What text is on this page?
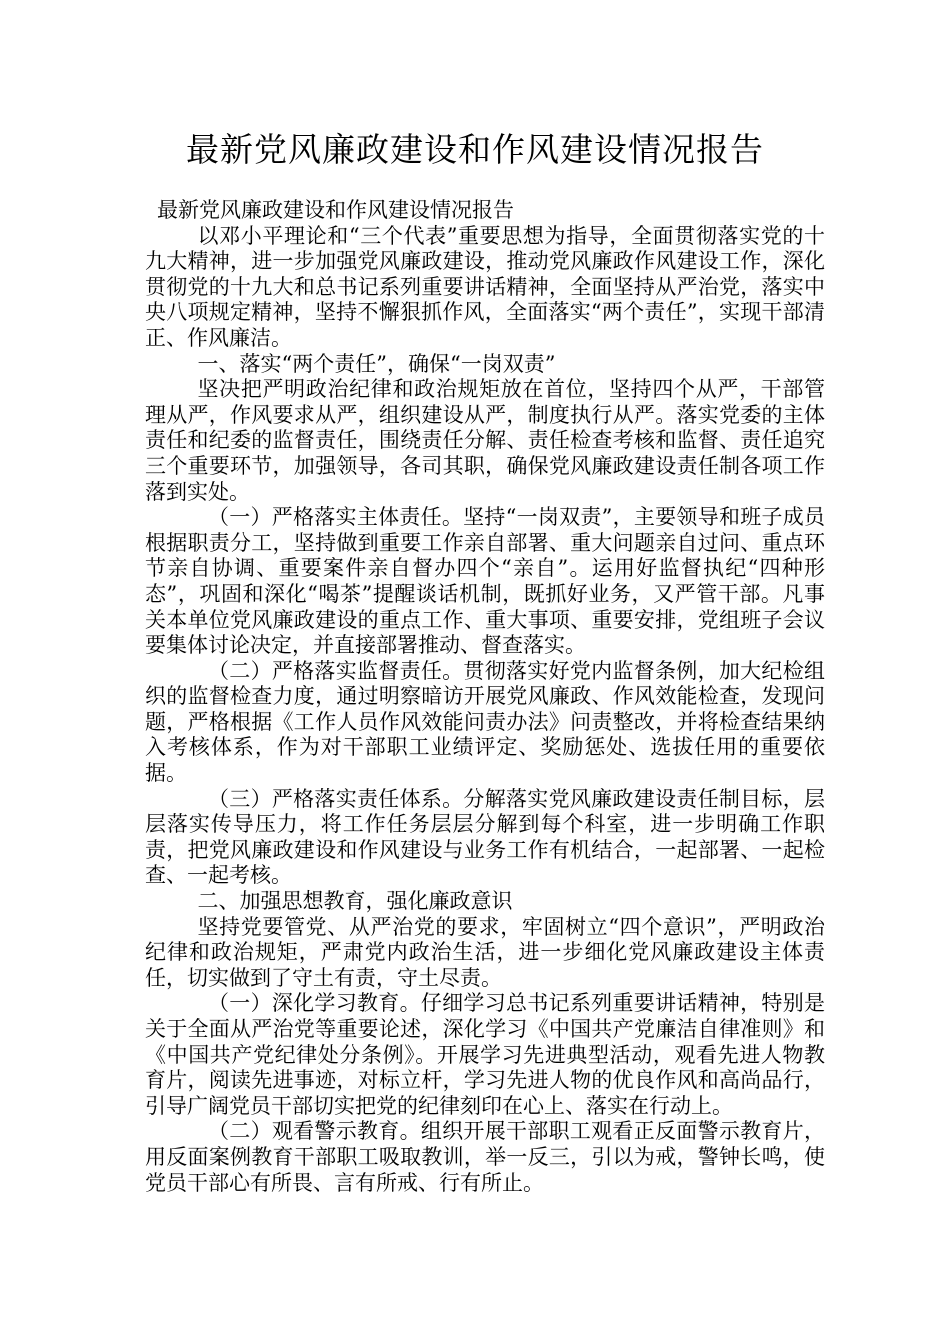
最新党风廉政建设和作风建设情况报告

最新党风廉政建设和作风建设情况报告

以邓小平理论和“三个代表”重要思想为指导，全面贯彻落实党的十九大精神，进一步加强党风廉政建设，推动党风廉政作风建设工作，深化贯彻党的十九大和总书记系列重要讲话精神，全面坚持从严治党，落实中央八项规定精神，坚持不懈狠抓作风，全面落实“两个责任”，实现干部清正、作风廉洁。

一、落实“两个责任”，确保“一岗双责”

坚决把严明政治纪律和政治规矩放在首位，坚持四个从严，干部管理从严，作风要求从严，组织建设从严，制度执行从严。落实党委的主体责任和纪委的监督责任，围绕责任分解、责任检查考核和监督、责任追究三个重要环节，加强领导，各司其职，确保党风廉政建设责任制各项工作落到实处。

（一）严格落实主体责任。坚持“一岗双责”，主要领导和班子成员根据职责分工，坚持做到重要工作亲自部署、重大问题亲自过问、重点环节亲自协调、重要案件亲自督办四个“亲自”。运用好监督执纪“四种形态”，巩固和深化“喝茶”提醒谈话机制，既抓好业务，又严管干部。凡事关本单位党风廉政建设的重点工作、重大事项、重要安排，党组班子会议要集体讨论决定，并直接部署推动、督查落实。

（二）严格落实监督责任。贯彻落实好党内监督条例，加大纪检组织的监督检查力度，通过明察暗访开展党风廉政、作风效能检查，发现问题，严格根据《工作人员作风效能问责办法》问责整改，并将检查结果纳入考核体系，作为对干部职工业绩评定、奖励惩处、选拔任用的重要依据。

（三）严格落实责任体系。分解落实党风廉政建设责任制目标，层层落实传导压力，将工作任务层层分解到每个科室，进一步明确工作职责，把党风廉政建设和作风建设与业务工作有机结合，一起部署、一起检查、一起考核。

二、加强思想教育，强化廉政意识

坚持党要管党、从严治党的要求，牢固树立“四个意识”，严明政治纪律和政治规矩，严肃党内政治生活，进一步细化党风廉政建设主体责任，切实做到了守土有责，守土尽责。

（一）深化学习教育。仔细学习总书记系列重要讲话精神，特别是关于全面从严治党等重要论述，深化学习《中国共产党廉洁自律准则》和《中国共产党纪律处分条例》。开展学习先进典型活动，观看先进人物教育片，阅读先进事迹，对标立杆，学习先进人物的优良作风和高尚品行，引导广阔党员干部切实把党的纪律刻印在心上、落实在行动上。

（二）观看警示教育。组织开展干部职工观看正反面警示教育片，用反面案例教育干部职工吸取教训，举一反三，引以为戒，警钟长鸣，使党员干部心有所畏、言有所戒、行有所止。
